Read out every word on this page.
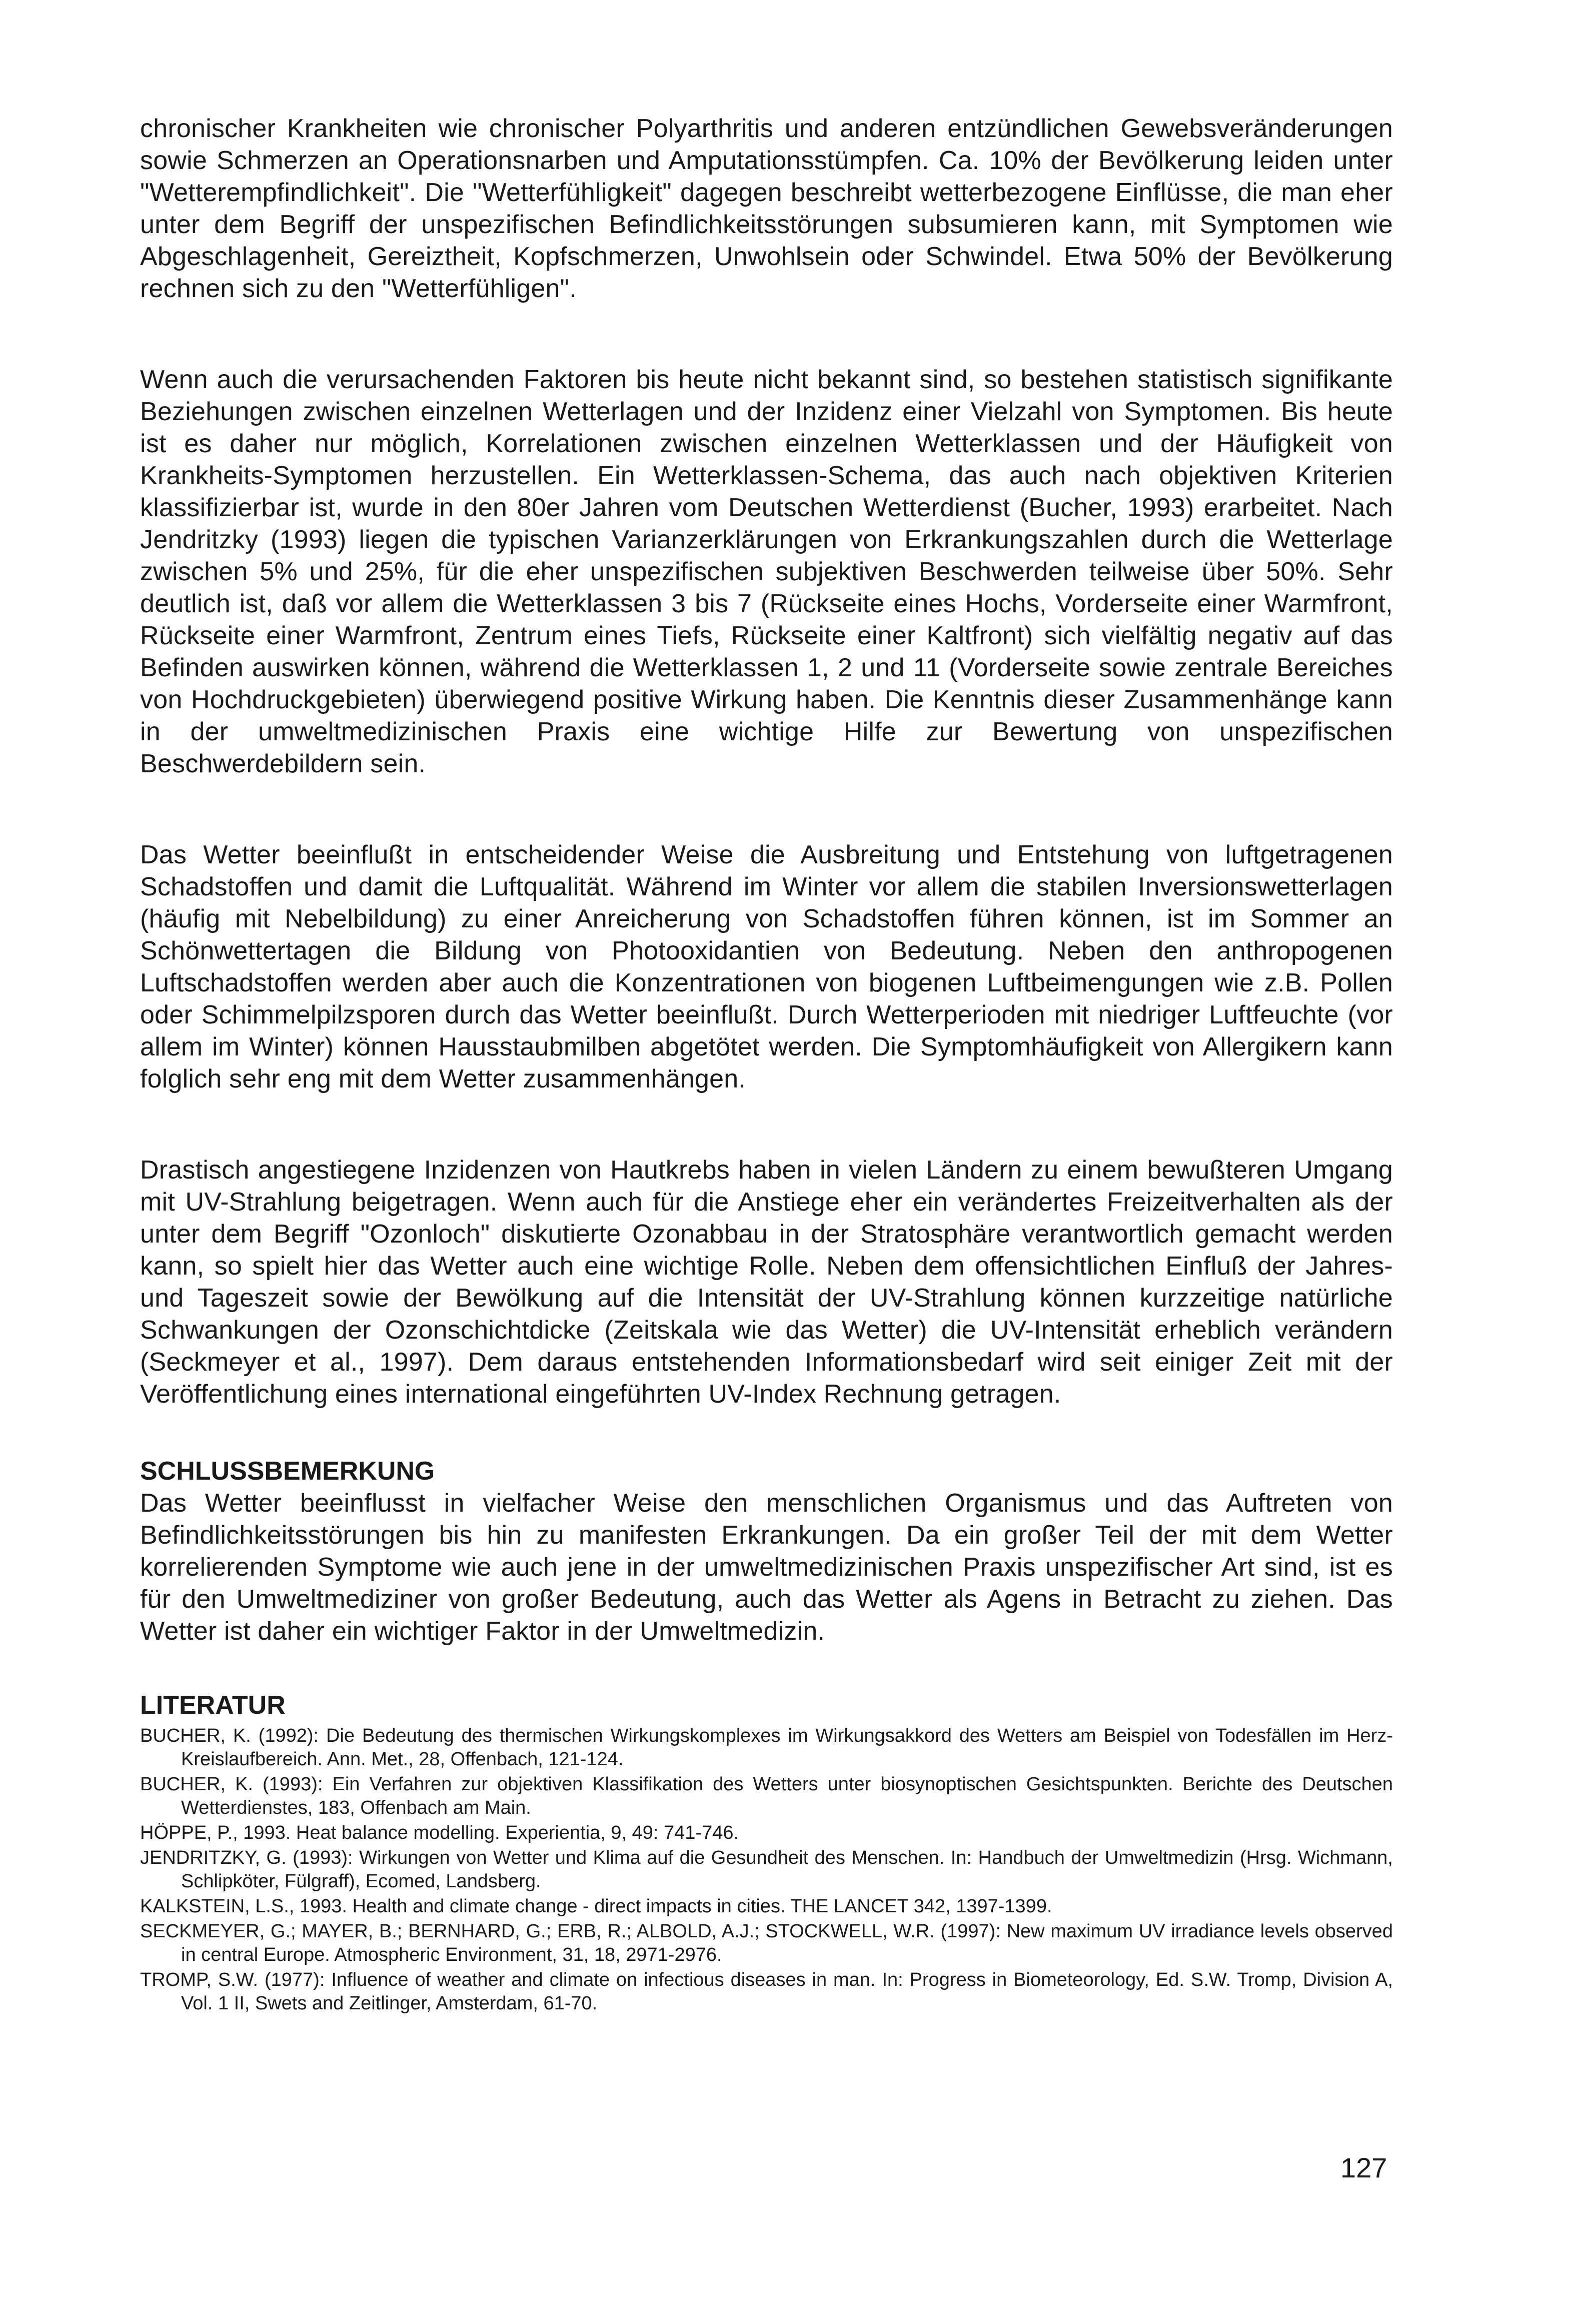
chronischer Krankheiten wie chronischer Polyarthritis und anderen entzündlichen Gewebsveränderungen sowie Schmerzen an Operationsnarben und Amputationsstümpfen. Ca. 10% der Bevölkerung leiden unter "Wetterempfindlichkeit". Die "Wetterfühligkeit" dagegen beschreibt wetterbezogene Einflüsse, die man eher unter dem Begriff der unspezifischen Befindlichkeitsstörungen subsumieren kann, mit Symptomen wie Abgeschlagenheit, Gereiztheit, Kopfschmerzen, Unwohlsein oder Schwindel. Etwa 50% der Bevölkerung rechnen sich zu den "Wetterfühligen".

Wenn auch die verursachenden Faktoren bis heute nicht bekannt sind, so bestehen statistisch signifikante Beziehungen zwischen einzelnen Wetterlagen und der Inzidenz einer Vielzahl von Symptomen. Bis heute ist es daher nur möglich, Korrelationen zwischen einzelnen Wetterklassen und der Häufigkeit von Krankheits-Symptomen herzustellen. Ein Wetterklassen-Schema, das auch nach objektiven Kriterien klassifizierbar ist, wurde in den 80er Jahren vom Deutschen Wetterdienst (Bucher, 1993) erarbeitet. Nach Jendritzky (1993) liegen die typischen Varianzerklärungen von Erkrankungszahlen durch die Wetterlage zwischen 5% und 25%, für die eher unspezifischen subjektiven Beschwerden teilweise über 50%. Sehr deutlich ist, daß vor allem die Wetterklassen 3 bis 7 (Rückseite eines Hochs, Vorderseite einer Warmfront, Rückseite einer Warmfront, Zentrum eines Tiefs, Rückseite einer Kaltfront) sich vielfältig negativ auf das Befinden auswirken können, während die Wetterklassen 1, 2 und 11 (Vorderseite sowie zentrale Bereiches von Hochdruckgebieten) überwiegend positive Wirkung haben. Die Kenntnis dieser Zusammenhänge kann in der umweltmedizinischen Praxis eine wichtige Hilfe zur Bewertung von unspezifischen Beschwerdebildern sein.

Das Wetter beeinflußt in entscheidender Weise die Ausbreitung und Entstehung von luftgetragenen Schadstoffen und damit die Luftqualität. Während im Winter vor allem die stabilen Inversionswetterlagen (häufig mit Nebelbildung) zu einer Anreicherung von Schadstoffen führen können, ist im Sommer an Schönwettertagen die Bildung von Photooxidantien von Bedeutung. Neben den anthropogenen Luftschadstoffen werden aber auch die Konzentrationen von biogenen Luftbeimengungen wie z.B. Pollen oder Schimmelpilzsporen durch das Wetter beeinflußt. Durch Wetterperioden mit niedriger Luftfeuchte (vor allem im Winter) können Hausstaubmilben abgetötet werden. Die Symptomhäufigkeit von Allergikern kann folglich sehr eng mit dem Wetter zusammenhängen.

Drastisch angestiegene Inzidenzen von Hautkrebs haben in vielen Ländern zu einem bewußteren Umgang mit UV-Strahlung beigetragen. Wenn auch für die Anstiege eher ein verändertes Freizeitverhalten als der unter dem Begriff "Ozonloch" diskutierte Ozonabbau in der Stratosphäre verantwortlich gemacht werden kann, so spielt hier das Wetter auch eine wichtige Rolle. Neben dem offensichtlichen Einfluß der Jahres- und Tageszeit sowie der Bewölkung auf die Intensität der UV-Strahlung können kurzzeitige natürliche Schwankungen der Ozonschichtdicke (Zeitskala wie das Wetter) die UV-Intensität erheblich verändern (Seckmeyer et al., 1997). Dem daraus entstehenden Informationsbedarf wird seit einiger Zeit mit der Veröffentlichung eines international eingeführten UV-Index Rechnung getragen.

SCHLUSSBEMERKUNG

Das Wetter beeinflusst in vielfacher Weise den menschlichen Organismus und das Auftreten von Befindlichkeitsstörungen bis hin zu manifesten Erkrankungen. Da ein großer Teil der mit dem Wetter korrelierenden Symptome wie auch jene in der umweltmedizinischen Praxis unspezifischer Art sind, ist es für den Umweltmediziner von großer Bedeutung, auch das Wetter als Agens in Betracht zu ziehen. Das Wetter ist daher ein wichtiger Faktor in der Umweltmedizin.

LITERATUR
BUCHER, K. (1992): Die Bedeutung des thermischen Wirkungskomplexes im Wirkungsakkord des Wetters am Beispiel von Todesfällen im Herz-Kreislaufbereich. Ann. Met., 28, Offenbach, 121-124.
BUCHER, K. (1993): Ein Verfahren zur objektiven Klassifikation des Wetters unter biosynoptischen Gesichtspunkten. Berichte des Deutschen Wetterdienstes, 183, Offenbach am Main.
HÖPPE, P., 1993. Heat balance modelling. Experientia, 9, 49: 741-746.
JENDRITZKY, G. (1993): Wirkungen von Wetter und Klima auf die Gesundheit des Menschen. In: Handbuch der Umweltmedizin (Hrsg. Wichmann, Schlipköter, Fülgraff), Ecomed, Landsberg.
KALKSTEIN, L.S., 1993. Health and climate change - direct impacts in cities. THE LANCET 342, 1397-1399.
SECKMEYER, G.; MAYER, B.; BERNHARD, G.; ERB, R.; ALBOLD, A.J.; STOCKWELL, W.R. (1997): New maximum UV irradiance levels observed in central Europe. Atmospheric Environment, 31, 18, 2971-2976.
TROMP, S.W. (1977): Influence of weather and climate on infectious diseases in man. In: Progress in Biometeorology, Ed. S.W. Tromp, Division A, Vol. 1 II, Swets and Zeitlinger, Amsterdam, 61-70.
127
